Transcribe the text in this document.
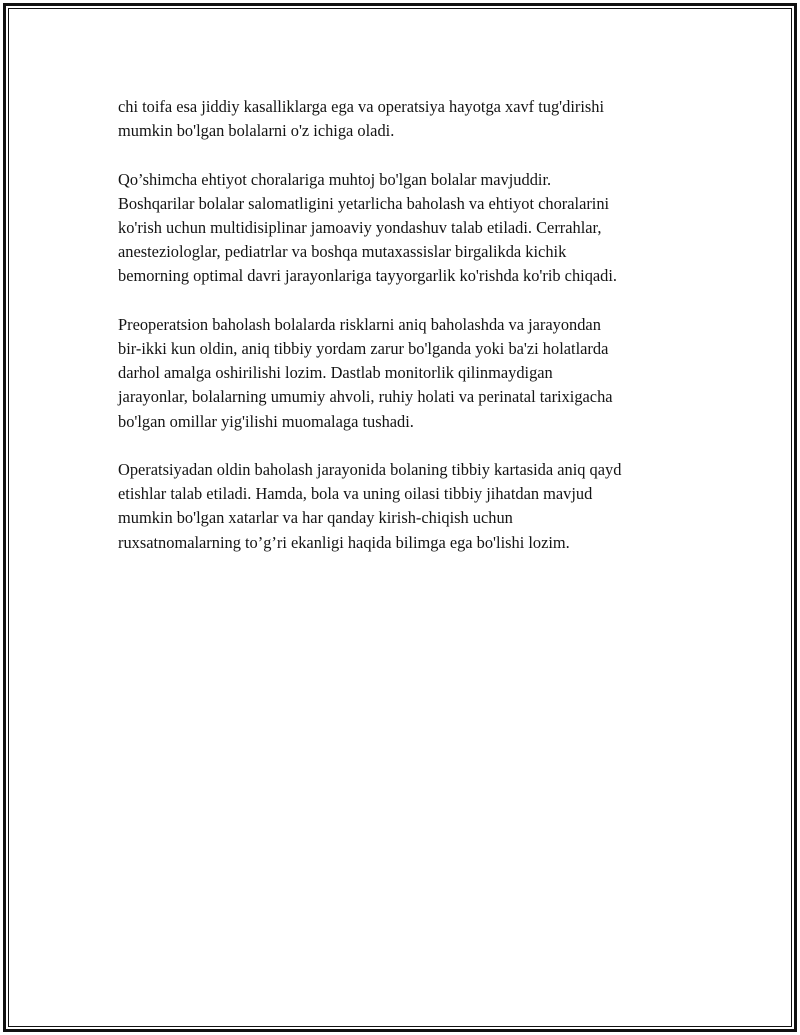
chi toifa esa jiddiy kasalliklarga ega va operatsiya hayotga xavf tug'dirishi
mumkin bo'lgan bolalarni o'z ichiga oladi.

Qo’shimcha ehtiyot choralariga muhtoj bo'lgan bolalar mavjuddir.
Boshqarilar bolalar salomatligini yetarlicha baholash va ehtiyot choralarini
ko'rish uchun multidisiplinar jamoaviy yondashuv talab etiladi. Cerrahlar,
anesteziologlar, pediatrlar va boshqa mutaxassislar birgalikda kichik
bemorning optimal davri jarayonlariga tayyorgarlik ko'rishda ko'rib chiqadi.

Preoperatsion baholash bolalarda risklarni aniq baholashda va jarayondan
bir-ikki kun oldin, aniq tibbiy yordam zarur bo'lganda yoki ba'zi holatlarda
darhol amalga oshirilishi lozim. Dastlab monitorlik qilinmaydigan
jarayonlar, bolalarning umumiy ahvoli, ruhiy holati va perinatal tarixigacha
bo'lgan omillar yig'ilishi muomalaga tushadi.

Operatsiyadan oldin baholash jarayonida bolaning tibbiy kartasida aniq qayd
etishlar talab etiladi. Hamda, bola va uning oilasi tibbiy jihatdan mavjud
mumkin bo'lgan xatarlar va har qanday kirish-chiqish uchun
ruxsatnomalarning to’g’ri ekanligi haqida bilimga ega bo'lishi lozim.
